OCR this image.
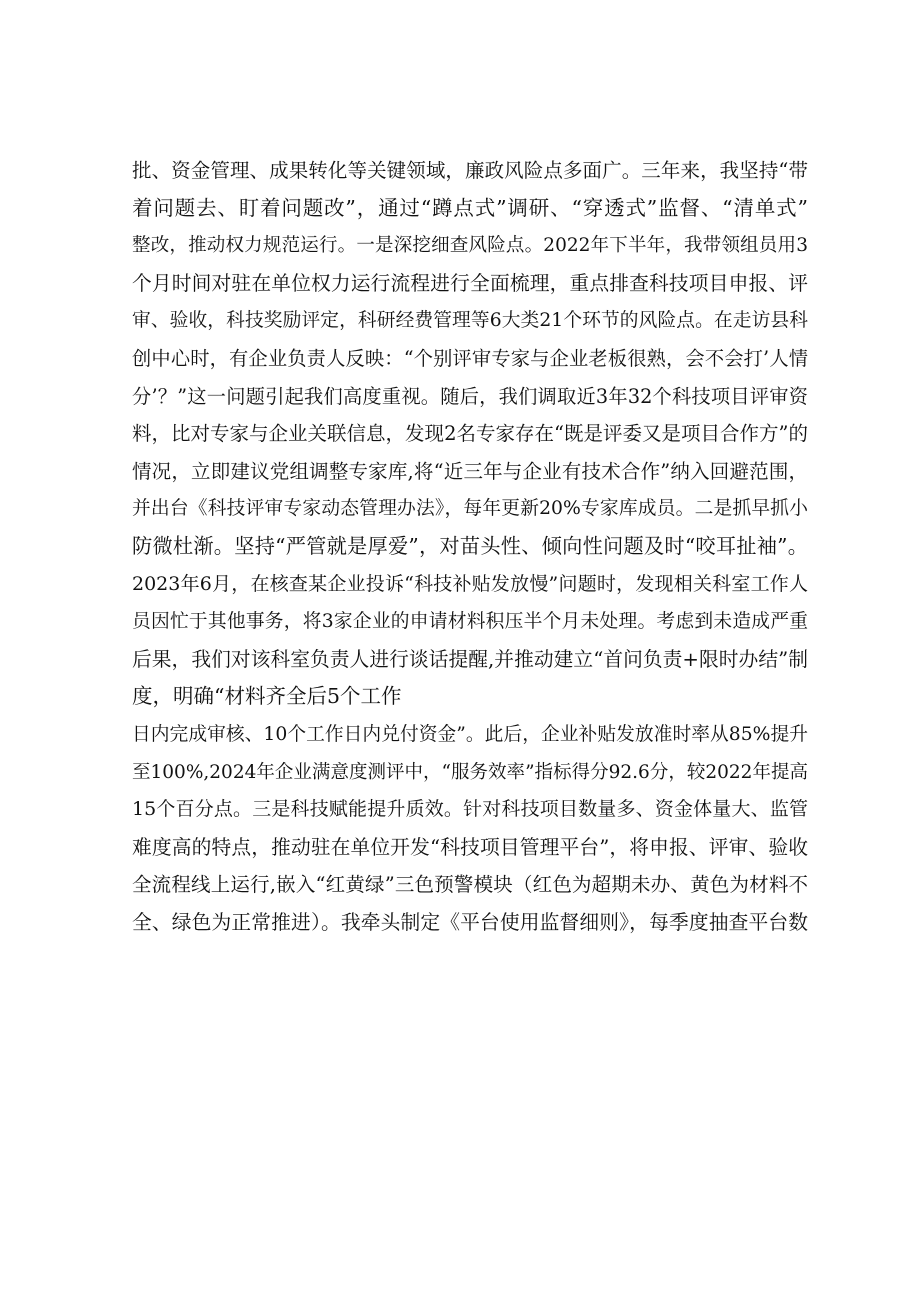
批、资金管理、成果转化等关键领域，廉政风险点多面广。三年来，我坚持“带
着问题去、盯着问题改”，通过“蹲点式”调研、“穿透式”监督、“清单式”
整改，推动权力规范运行。一是深挖细查风险点。2022年下半年，我带领组员用3
个月时间对驻在单位权力运行流程进行全面梳理，重点排查科技项目申报、评
审、验收，科技奖励评定，科研经费管理等6大类21个环节的风险点。在走访县科
创中心时，有企业负责人反映：“个别评审专家与企业老板很熟，会不会打’人情
分’？”这一问题引起我们高度重视。随后，我们调取近3年32个科技项目评审资
料，比对专家与企业关联信息，发现2名专家存在“既是评委又是项目合作方”的
情况，立即建议党组调整专家库,将“近三年与企业有技术合作”纳入回避范围，
并出台《科技评审专家动态管理办法》，每年更新20%专家库成员。二是抓早抓小
防微杜渐。坚持“严管就是厚爱”，对苗头性、倾向性问题及时“咬耳扯袖”。
2023年6月，在核查某企业投诉“科技补贴发放慢”问题时，发现相关科室工作人
员因忙于其他事务，将3家企业的申请材料积压半个月未处理。考虑到未造成严重
后果，我们对该科室负责人进行谈话提醒,并推动建立“首问负责+限时办结”制
度，明确“材料齐全后5个工作
日内完成审核、10个工作日内兑付资金”。此后，企业补贴发放准时率从85%提升
至100%,2024年企业满意度测评中，“服务效率”指标得分92.6分，较2022年提高
15个百分点。三是科技赋能提升质效。针对科技项目数量多、资金体量大、监管
难度高的特点，推动驻在单位开发“科技项目管理平台”，将申报、评审、验收
全流程线上运行,嵌入“红黄绿”三色预警模块（红色为超期未办、黄色为材料不
全、绿色为正常推进）。我牵头制定《平台使用监督细则》，每季度抽查平台数
